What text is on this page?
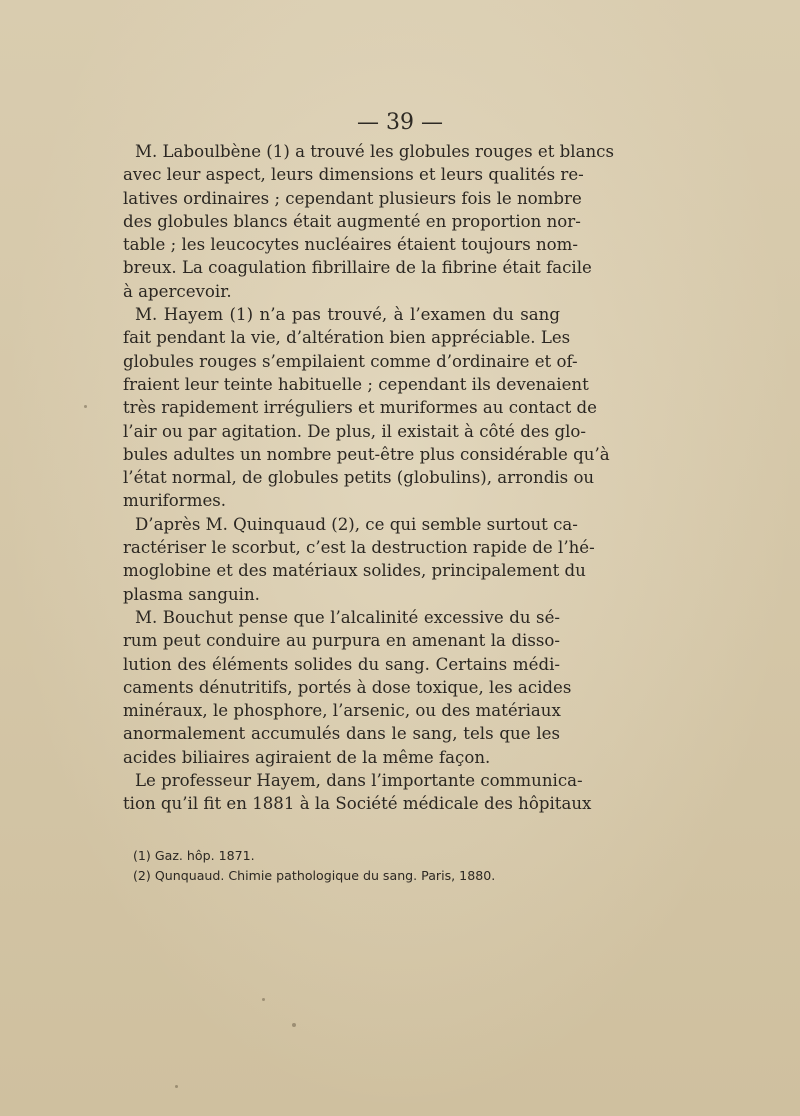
— 39 —
M. Laboulbène (1) a trouvé les globules rouges et blancs
avec leur aspect, leurs dimensions et leurs qualités re-
latives ordinaires ; cependant plusieurs fois le nombre
des globules blancs était augmenté en proportion nor-
table ; les leucocytes nucléaires étaient toujours nom-
breux. La coagulation fibrillaire de la fibrine était facile
à apercevoir.
M. Hayem (1) n’a pas trouvé, à l’examen du sang
fait pendant la vie, d’altération bien appréciable. Les
globules rouges s’empilaient comme d’ordinaire et of-
fraient leur teinte habituelle ; cependant ils devenaient
très rapidement irréguliers et muriformes au contact de
l’air ou par agitation. De plus, il existait à côté des glo-
bules adultes un nombre peut-être plus considérable qu’à
l’état normal, de globules petits (globulins), arrondis ou
muriformes.
D’après M. Quinquaud (2), ce qui semble surtout ca-
ractériser le scorbut, c’est la destruction rapide de l’hé-
moglobine et des matériaux solides, principalement du
plasma sanguin.
M. Bouchut pense que l’alcalinité excessive du sé-
rum peut conduire au purpura en amenant la disso-
lution des éléments solides du sang. Certains médi-
caments dénutritifs, portés à dose toxique, les acides
minéraux, le phosphore, l’arsenic, ou des matériaux
anormalement accumulés dans le sang, tels que les
acides biliaires agiraient de la même façon.
Le professeur Hayem, dans l’importante communica-
tion qu’il fit en 1881 à la Société médicale des hôpitaux
(1) Gaz. hôp. 1871.
(2) Qunquaud. Chimie pathologique du sang. Paris, 1880.
